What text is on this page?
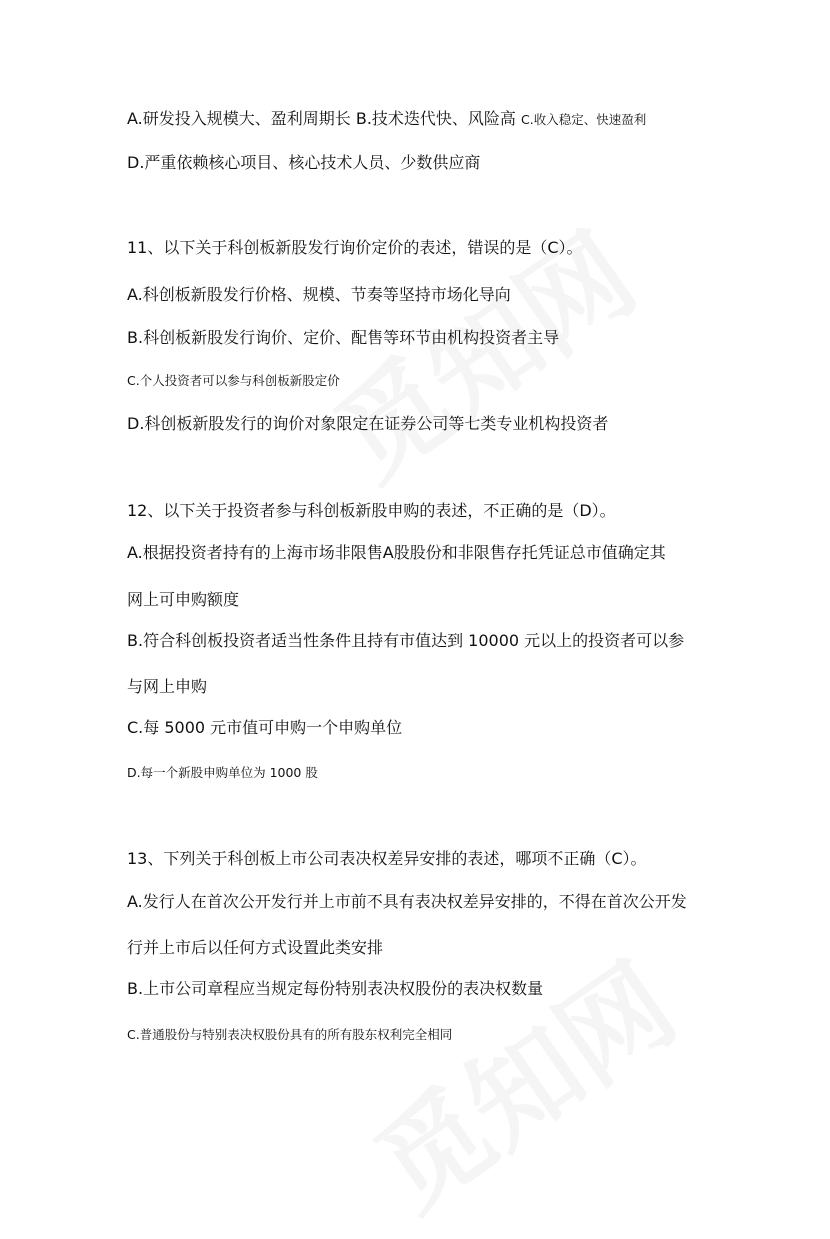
A.研发投入规模大、盈利周期长 B.技术迭代快、风险高 C.收入稳定、快速盈利
D.严重依赖核心项目、核心技术人员、少数供应商
11、以下关于科创板新股发行询价定价的表述，错误的是（C）。
A.科创板新股发行价格、规模、节奏等坚持市场化导向
B.科创板新股发行询价、定价、配售等环节由机构投资者主导
C.个人投资者可以参与科创板新股定价
D.科创板新股发行的询价对象限定在证券公司等七类专业机构投资者
12、以下关于投资者参与科创板新股申购的表述，不正确的是（D）。
A.根据投资者持有的上海市场非限售A股股份和非限售存托凭证总市值确定其
网上可申购额度
B.符合科创板投资者适当性条件且持有市值达到 10000 元以上的投资者可以参
与网上申购
C.每 5000 元市值可申购一个申购单位
D.每一个新股申购单位为 1000 股
13、下列关于科创板上市公司表决权差异安排的表述，哪项不正确（C）。
A.发行人在首次公开发行并上市前不具有表决权差异安排的，不得在首次公开发
行并上市后以任何方式设置此类安排
B.上市公司章程应当规定每份特别表决权股份的表决权数量
C.普通股份与特别表决权股份具有的所有股东权利完全相同
